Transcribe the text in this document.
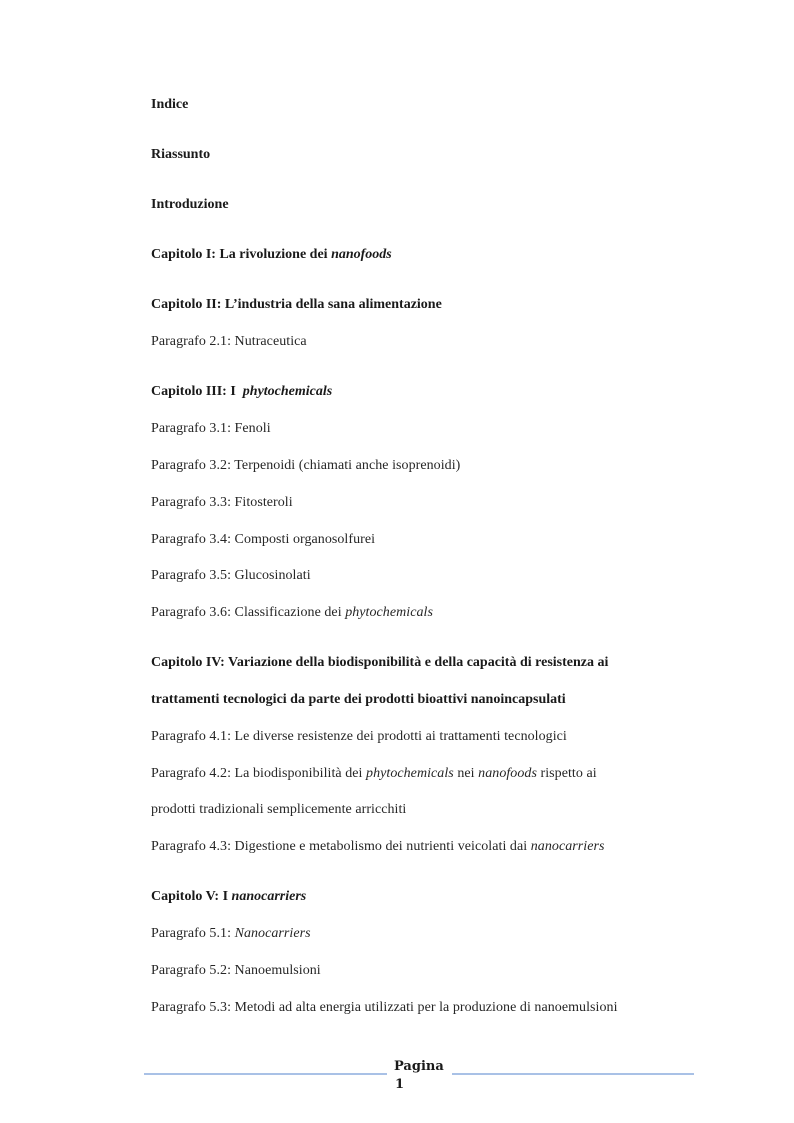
Indice
Riassunto
Introduzione
Capitolo I: La rivoluzione dei nanofoods
Capitolo II: L’industria della sana alimentazione
Paragrafo 2.1: Nutraceutica
Capitolo III: I  phytochemicals
Paragrafo 3.1: Fenoli
Paragrafo 3.2: Terpenoidi (chiamati anche isoprenoidi)
Paragrafo 3.3: Fitosteroli
Paragrafo 3.4: Composti organosolfurei
Paragrafo 3.5: Glucosinolati
Paragrafo 3.6: Classificazione dei phytochemicals
Capitolo IV: Variazione della biodisponibilità e della capacità di resistenza ai
trattamenti tecnologici da parte dei prodotti bioattivi nanoincapsulati
Paragrafo 4.1: Le diverse resistenze dei prodotti ai trattamenti tecnologici
Paragrafo 4.2: La biodisponibilità dei phytochemicals nei nanofoods rispetto ai
prodotti tradizionali semplicemente arricchiti
Paragrafo 4.3: Digestione e metabolismo dei nutrienti veicolati dai nanocarriers
Capitolo V: I nanocarriers
Paragrafo 5.1: Nanocarriers
Paragrafo 5.2: Nanoemulsioni
Paragrafo 5.3: Metodi ad alta energia utilizzati per la produzione di nanoemulsioni
Pagina
1
